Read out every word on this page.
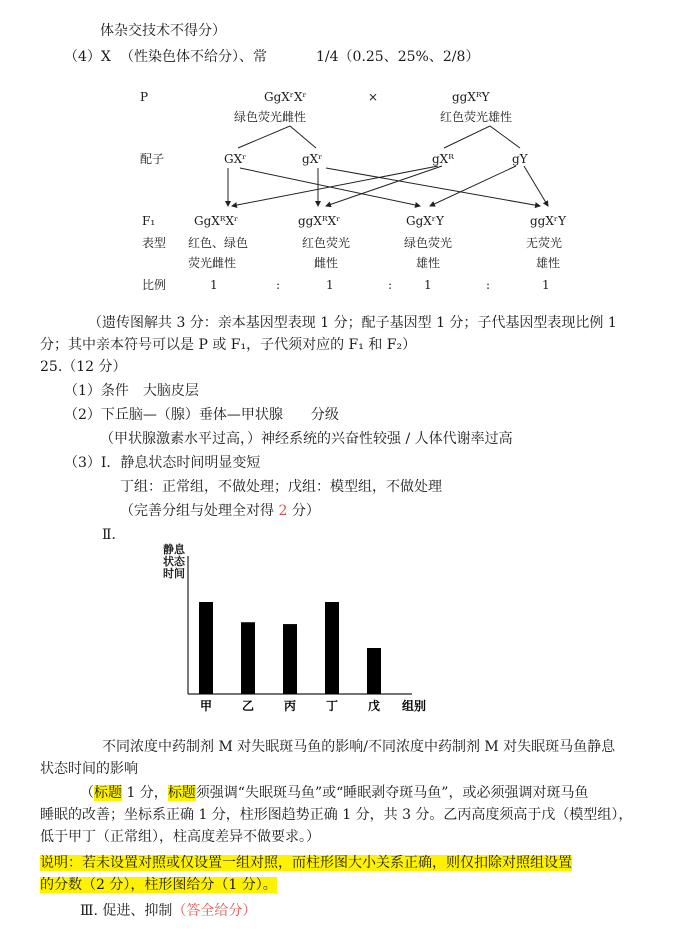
体杂交技术不得分）
（4）X （性染色体不给分）、常	1/4（0.25、25%、2/8）
P	GgXʳXʳ	×	ggXᴿY
绿色荧光雌性	红色荧光雄性
配子	GXʳ	gXʳ	gXᴿ	gY
F₁	GgXᴿXʳ	ggXᴿXʳ	GgXʳY	ggXʳY
表型 红色、绿色	红色荧光	绿色荧光	无荧光
荧光雌性	雌性	雄性	雄性
比例	1	:	1	:	1	:	1
（遗传图解共 3 分：亲本基因型表现 1 分；配子基因型 1 分；子代基因型表现比例 1
分；其中亲本符号可以是 P 或 F₁，子代须对应的 F₁ 和 F₂）
25.（12 分）
（1）条件　大脑皮层
（2）下丘脑—（腺）垂体—甲状腺　　分级
（甲状腺激素水平过高，）神经系统的兴奋性较强 / 人体代谢率过高
（3）Ⅰ．静息状态时间明显变短
丁组：正常组，不做处理；戊组：模型组，不做处理
（完善分组与处理全对得 2 分）
Ⅱ．
静息状态时间
甲 乙 丙 丁 戊 组别
不同浓度中药制剂 M 对失眠斑马鱼的影响/不同浓度中药制剂 M 对失眠斑马鱼静息
状态时间的影响
（标题 1 分，标题须强调“失眠斑马鱼”或“睡眠剥夺斑马鱼”，或必须强调对斑马鱼
睡眠的改善；坐标系正确 1 分，柱形图趋势正确 1 分，共 3 分。乙丙高度须高于戊（模型组），
低于甲丁（正常组），柱高度差异不做要求。）
说明：若未设置对照或仅设置一组对照，而柱形图大小关系正确，则仅扣除对照组设置
的分数（2 分），柱形图给分（1 分）。
Ⅲ. 促进、抑制（答全给分）
